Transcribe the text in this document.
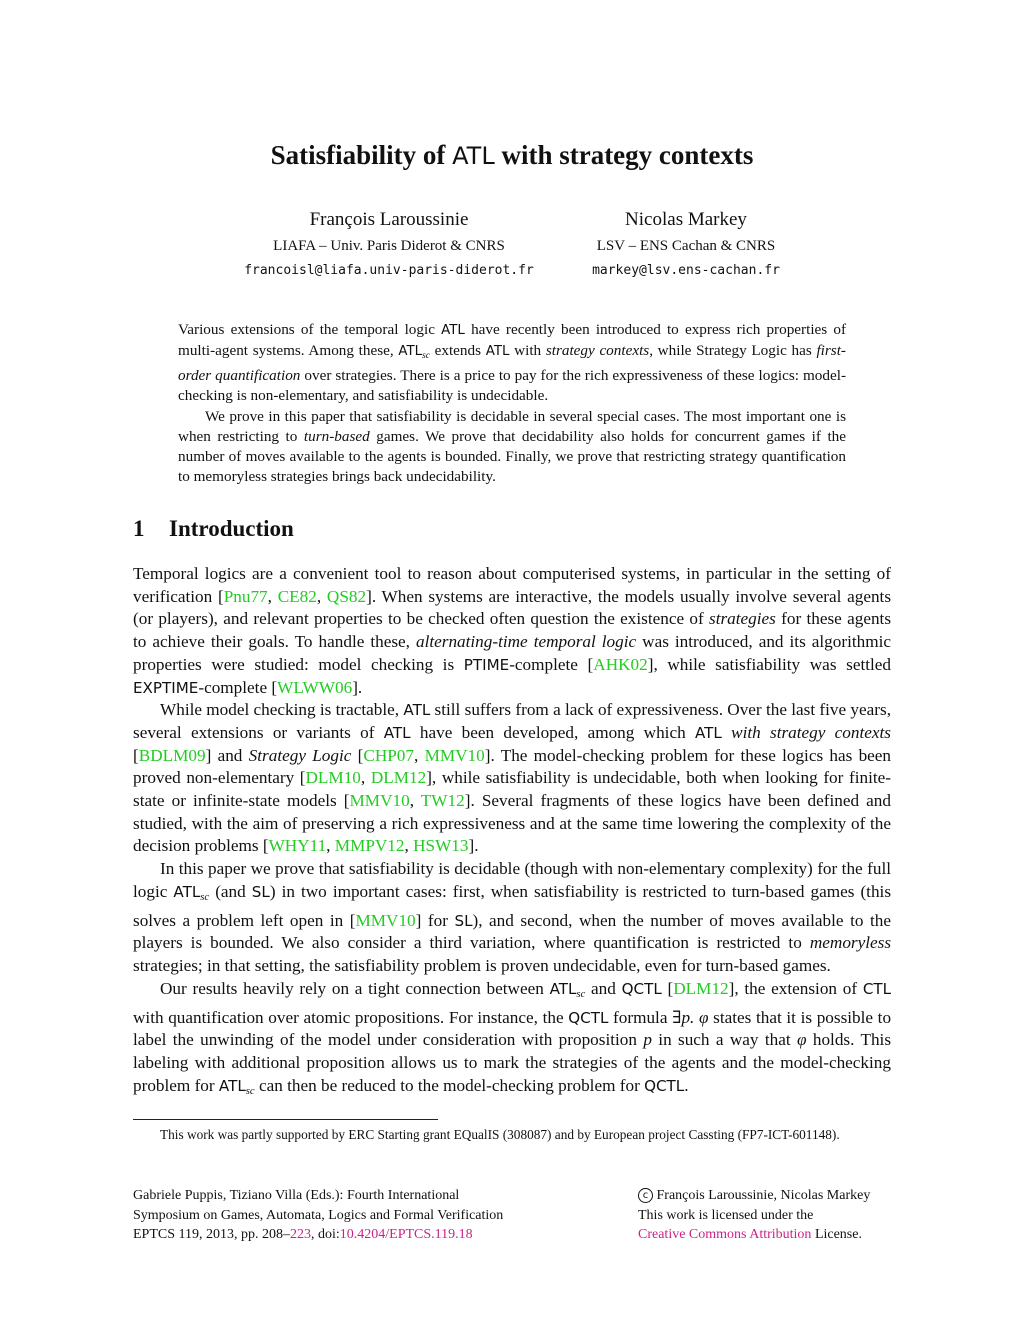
Satisfiability of ATL with strategy contexts
François Laroussinie
LIAFA – Univ. Paris Diderot & CNRS
francoisl@liafa.univ-paris-diderot.fr
Nicolas Markey
LSV – ENS Cachan & CNRS
markey@lsv.ens-cachan.fr

Various extensions of the temporal logic ATL have recently been introduced to express rich properties of multi-agent systems. Among these, $ATL_{sc}$ extends ATL with strategy contexts, while Strategy Logic has first-order quantification over strategies. There is a price to pay for the rich expressiveness of these logics: model-checking is non-elementary, and satisfiability is undecidable.

We prove in this paper that satisfiability is decidable in several special cases. The most important one is when restricting to turn-based games. We prove that decidability also holds for concurrent games if the number of moves available to the agents is bounded. Finally, we prove that restricting strategy quantification to memoryless strategies brings back undecidability.

1 Introduction

Temporal logics are a convenient tool to reason about computerised systems, in particular in the setting of verification [Pnu77, CE82, QS82]. When systems are interactive, the models usually involve several agents (or players), and relevant properties to be checked often question the existence of strategies for these agents to achieve their goals. To handle these, alternating-time temporal logic was introduced, and its algorithmic properties were studied: model checking is PTIME-complete [AHK02], while satisfiability was settled EXPTIME-complete [WLWW06].

While model checking is tractable, ATL still suffers from a lack of expressiveness. Over the last five years, several extensions or variants of ATL have been developed, among which ATL with strategy contexts [BDLM09] and Strategy Logic [CHP07, MMV10]. The model-checking problem for these logics has been proved non-elementary [DLM10, DLM12], while satisfiability is undecidable, both when looking for finite-state or infinite-state models [MMV10, TW12]. Several fragments of these logics have been defined and studied, with the aim of preserving a rich expressiveness and at the same time lowering the complexity of the decision problems [WHY11, MMPV12, HSW13].

In this paper we prove that satisfiability is decidable (though with non-elementary complexity) for the full logic $ATL_{sc}$ (and SL) in two important cases: first, when satisfiability is restricted to turn-based games (this solves a problem left open in [MMV10] for SL), and second, when the number of moves available to the players is bounded. We also consider a third variation, where quantification is restricted to memoryless strategies; in that setting, the satisfiability problem is proven undecidable, even for turn-based games.

Our results heavily rely on a tight connection between $ATL_{sc}$ and QCTL [DLM12], the extension of CTL with quantification over atomic propositions. For instance, the QCTL formula ∃p. φ states that it is possible to label the unwinding of the model under consideration with proposition p in such a way that φ holds. This labeling with additional proposition allows us to mark the strategies of the agents and the model-checking problem for $ATL_{sc}$ can then be reduced to the model-checking problem for QCTL.

This work was partly supported by ERC Starting grant EQualIS (308087) and by European project Cassting (FP7-ICT-601148).
Gabriele Puppis, Tiziano Villa (Eds.): Fourth International
Symposium on Games, Automata, Logics and Formal Verification
EPTCS 119, 2013, pp. 208–223, doi:10.4204/EPTCS.119.18
c François Laroussinie, Nicolas Markey
This work is licensed under the
Creative Commons Attribution License.
